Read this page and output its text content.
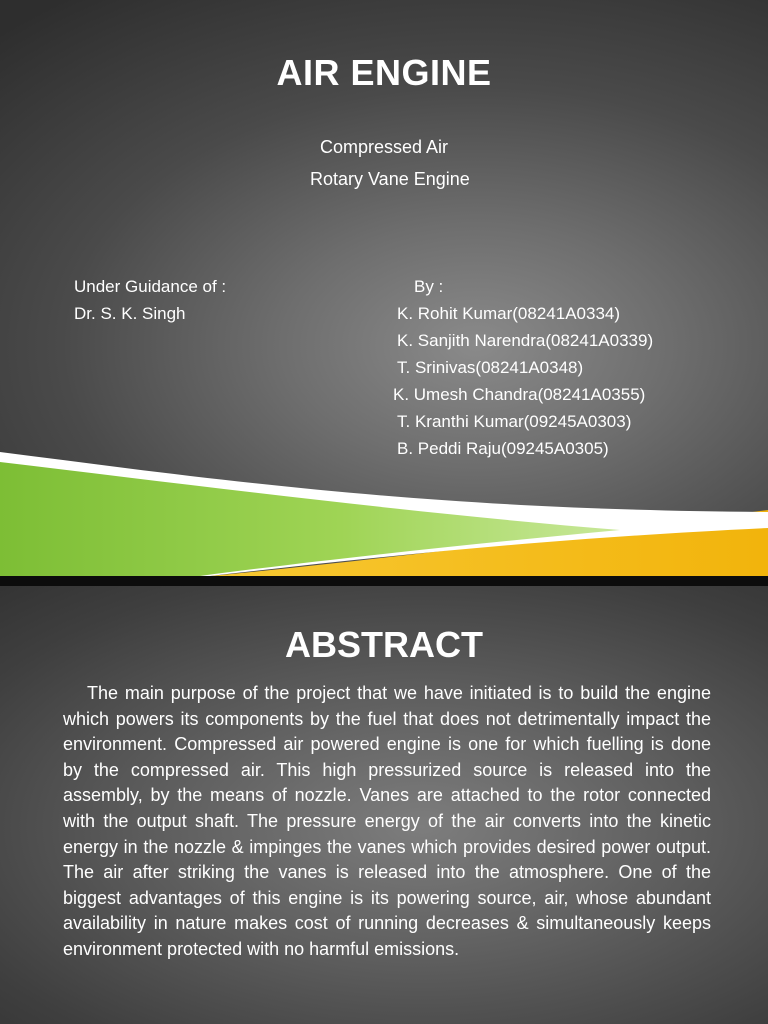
AIR ENGINE

Compressed Air

Rotary Vane Engine

Under Guidance of :

Dr. S. K. Singh

By :

K. Rohit Kumar(08241A0334)

K. Sanjith Narendra(08241A0339)

T. Srinivas(08241A0348)

K. Umesh Chandra(08241A0355)

T. Kranthi Kumar(09245A0303)

B. Peddi Raju(09245A0305)

ABSTRACT

The main purpose of the project that we have initiated is to build the engine which powers its components by the fuel that does not detrimentally impact the environment. Compressed air powered engine is one for which fuelling is done by the compressed air. This high pressurized source is released into the assembly, by the means of nozzle. Vanes are attached to the rotor connected with the output shaft. The pressure energy of the air converts into the kinetic energy in the nozzle & impinges the vanes which provides desired power output. The air after striking the vanes is released into the atmosphere. One of the biggest advantages of this engine is its powering source, air, whose abundant availability in nature makes cost of running decreases & simultaneously keeps environment protected with no harmful emissions.
